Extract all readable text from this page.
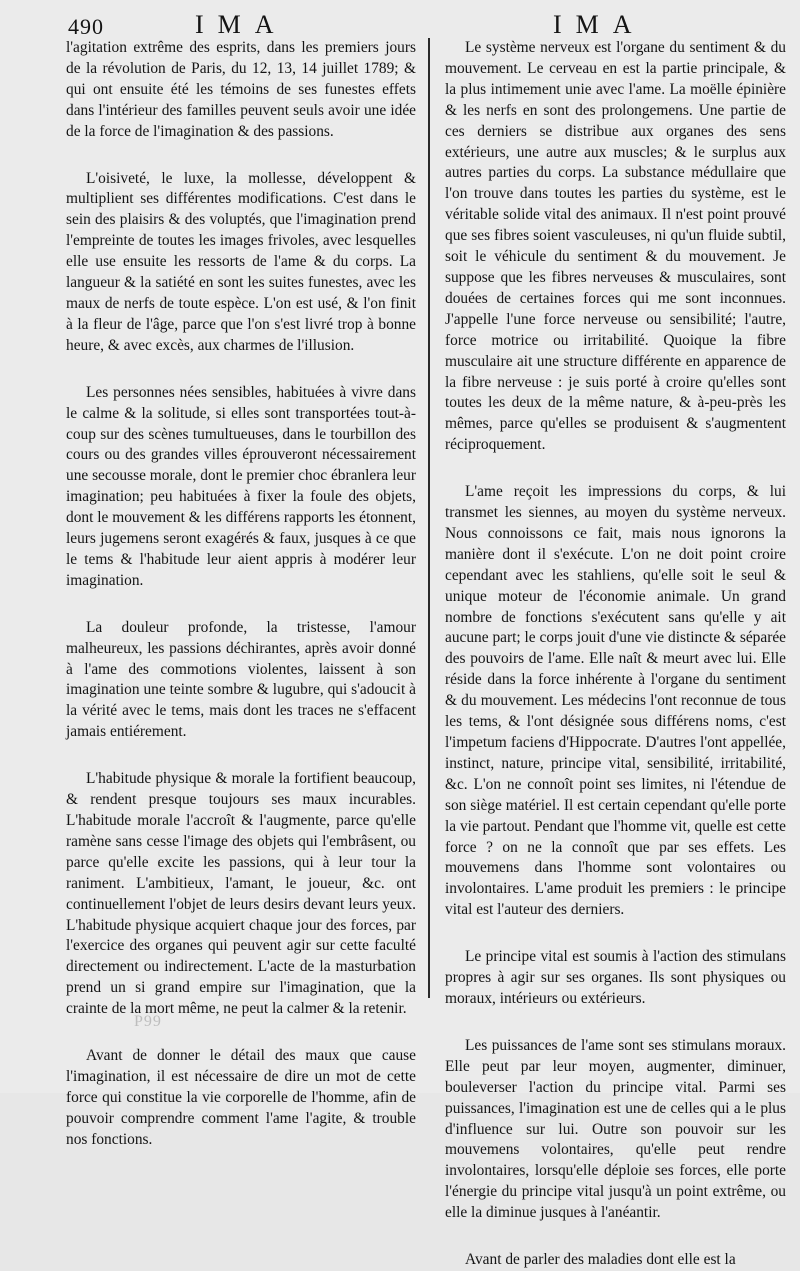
490	IMA	IMA

l'agitation extrême des esprits, dans les premiers jours de la révolution de Paris, du 12, 13, 14 juillet 1789; & qui ont ensuite été les témoins de ses funestes effets dans l'intérieur des familles peuvent seuls avoir une idée de la force de l'imagination & des passions.

L'oisiveté, le luxe, la mollesse, développent & multiplient ses différentes modifications. C'est dans le sein des plaisirs & des voluptés, que l'imagination prend l'empreinte de toutes les images frivoles, avec lesquelles elle use ensuite les ressorts de l'ame & du corps. La langueur & la satiété en sont les suites funestes, avec les maux de nerfs de toute espèce. L'on est usé, & l'on finit à la fleur de l'âge, parce que l'on s'est livré trop à bonne heure, & avec excès, aux charmes de l'illusion.

Les personnes nées sensibles, habituées à vivre dans le calme & la solitude, si elles sont transportées tout-à-coup sur des scènes tumultueuses, dans le tourbillon des cours ou des grandes villes éprouveront nécessairement une secousse morale, dont le premier choc ébranlera leur imagination; peu habituées à fixer la foule des objets, dont le mouvement & les différens rapports les étonnent, leurs jugemens seront exagérés & faux, jusques à ce que le tems & l'habitude leur aient appris à modérer leur imagination.

La douleur profonde, la tristesse, l'amour malheureux, les passions déchirantes, après avoir donné à l'ame des commotions violentes, laissent à son imagination une teinte sombre & lugubre, qui s'adoucit à la vérité avec le tems, mais dont les traces ne s'effacent jamais entiérement.

L'habitude physique & morale la fortifient beaucoup, & rendent presque toujours ses maux incurables. L'habitude morale l'accroît & l'augmente, parce qu'elle ramène sans cesse l'image des objets qui l'embrâsent, ou parce qu'elle excite les passions, qui à leur tour la raniment. L'ambitieux, l'amant, le joueur, &c. ont continuellement l'objet de leurs desirs devant leurs yeux. L'habitude physique acquiert chaque jour des forces, par l'exercice des organes qui peuvent agir sur cette faculté directement ou indirectement. L'acte de la masturbation prend un si grand empire sur l'imagination, que la crainte de la mort même, ne peut la calmer & la retenir.

Avant de donner le détail des maux que cause l'imagination, il est nécessaire de dire un mot de cette force qui constitue la vie corporelle de l'homme, afin de pouvoir comprendre comment l'ame l'agite, & trouble nos fonctions.

Le système nerveux est l'organe du sentiment & du mouvement. Le cerveau en est la partie principale, & la plus intimement unie avec l'ame. La moëlle épinière & les nerfs en sont des prolongemens. Une partie de ces derniers se distribue aux organes des sens extérieurs, une autre aux muscles; & le surplus aux autres parties du corps. La substance médullaire que l'on trouve dans toutes les parties du système, est le véritable solide vital des animaux. Il n'est point prouvé que ses fibres soient vasculeuses, ni qu'un fluide subtil, soit le véhicule du sentiment & du mouvement. Je suppose que les fibres nerveuses & musculaires, sont douées de certaines forces qui me sont inconnues. J'appelle l'une force nerveuse ou sensibilité; l'autre, force motrice ou irritabilité. Quoique la fibre musculaire ait une structure différente en apparence de la fibre nerveuse : je suis porté à croire qu'elles sont toutes les deux de la même nature, & à-peu-près les mêmes, parce qu'elles se produisent & s'augmentent réciproquement.

L'ame reçoit les impressions du corps, & lui transmet les siennes, au moyen du système nerveux. Nous connoissons ce fait, mais nous ignorons la manière dont il s'exécute. L'on ne doit point croire cependant avec les stahliens, qu'elle soit le seul & unique moteur de l'économie animale. Un grand nombre de fonctions s'exécutent sans qu'elle y ait aucune part; le corps jouit d'une vie distincte & séparée des pouvoirs de l'ame. Elle naît & meurt avec lui. Elle réside dans la force inhérente à l'organe du sentiment & du mouvement. Les médecins l'ont reconnue de tous les tems, & l'ont désignée sous différens noms, c'est l'impetum faciens d'Hippocrate. D'autres l'ont appellée, instinct, nature, principe vital, sensibilité, irritabilité, &c. L'on ne connoît point ses limites, ni l'étendue de son siège matériel. Il est certain cependant qu'elle porte la vie partout. Pendant que l'homme vit, quelle est cette force ? on ne la connoît que par ses effets. Les mouvemens dans l'homme sont volontaires ou involontaires. L'ame produit les premiers : le principe vital est l'auteur des derniers.

Le principe vital est soumis à l'action des stimulans propres à agir sur ses organes. Ils sont physiques ou moraux, intérieurs ou extérieurs.

Les puissances de l'ame sont ses stimulans moraux. Elle peut par leur moyen, augmenter, diminuer, bouleverser l'action du principe vital. Parmi ses puissances, l'imagination est une de celles qui a le plus d'influence sur lui. Outre son pouvoir sur les mouvemens volontaires, qu'elle peut rendre involontaires, lorsqu'elle déploie ses forces, elle porte l'énergie du principe vital jusqu'à un point extrême, ou elle la diminue jusques à l'anéantir.

Avant de parler des maladies dont elle est la

P99
